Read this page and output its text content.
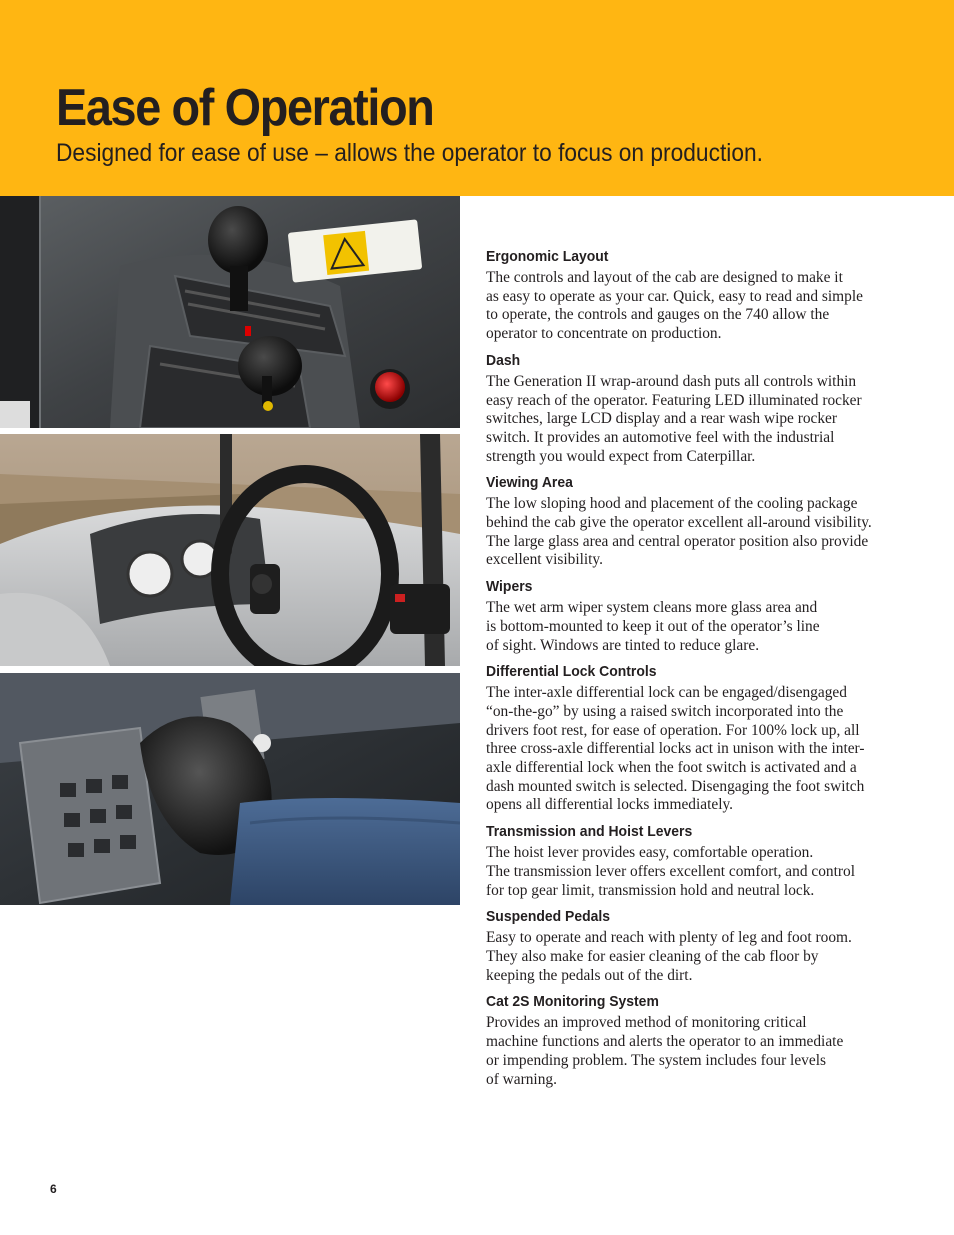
Ease of Operation
Designed for ease of use – allows the operator to focus on production.
Ergonomic Layout

The controls and layout of the cab are designed to make it
as easy to operate as your car. Quick, easy to read and simple
to operate, the controls and gauges on the 740 allow the
operator to concentrate on production.

Dash

The Generation II wrap-around dash puts all controls within
easy reach of the operator. Featuring LED illuminated rocker
switches, large LCD display and a rear wash wipe rocker
switch. It provides an automotive feel with the industrial
strength you would expect from Caterpillar.

Viewing Area

The low sloping hood and placement of the cooling package
behind the cab give the operator excellent all-around visibility.
The large glass area and central operator position also provide
excellent visibility.

Wipers

The wet arm wiper system cleans more glass area and
is bottom-mounted to keep it out of the operator’s line
of sight. Windows are tinted to reduce glare.

Differential Lock Controls

The inter-axle differential lock can be engaged/disengaged
“on-the-go” by using a raised switch incorporated into the
drivers foot rest, for ease of operation. For 100% lock up, all
three cross-axle differential locks act in unison with the inter-
axle differential lock when the foot switch is activated and a
dash mounted switch is selected. Disengaging the foot switch
opens all differential locks immediately.

Transmission and Hoist Levers

The hoist lever provides easy, comfortable operation.
The transmission lever offers excellent comfort, and control
for top gear limit, transmission hold and neutral lock.

Suspended Pedals

Easy to operate and reach with plenty of leg and foot room.
They also make for easier cleaning of the cab floor by
keeping the pedals out of the dirt.

Cat 2S Monitoring System

Provides an improved method of monitoring critical
machine functions and alerts the operator to an immediate
or impending problem. The system includes four levels
of warning.

6
